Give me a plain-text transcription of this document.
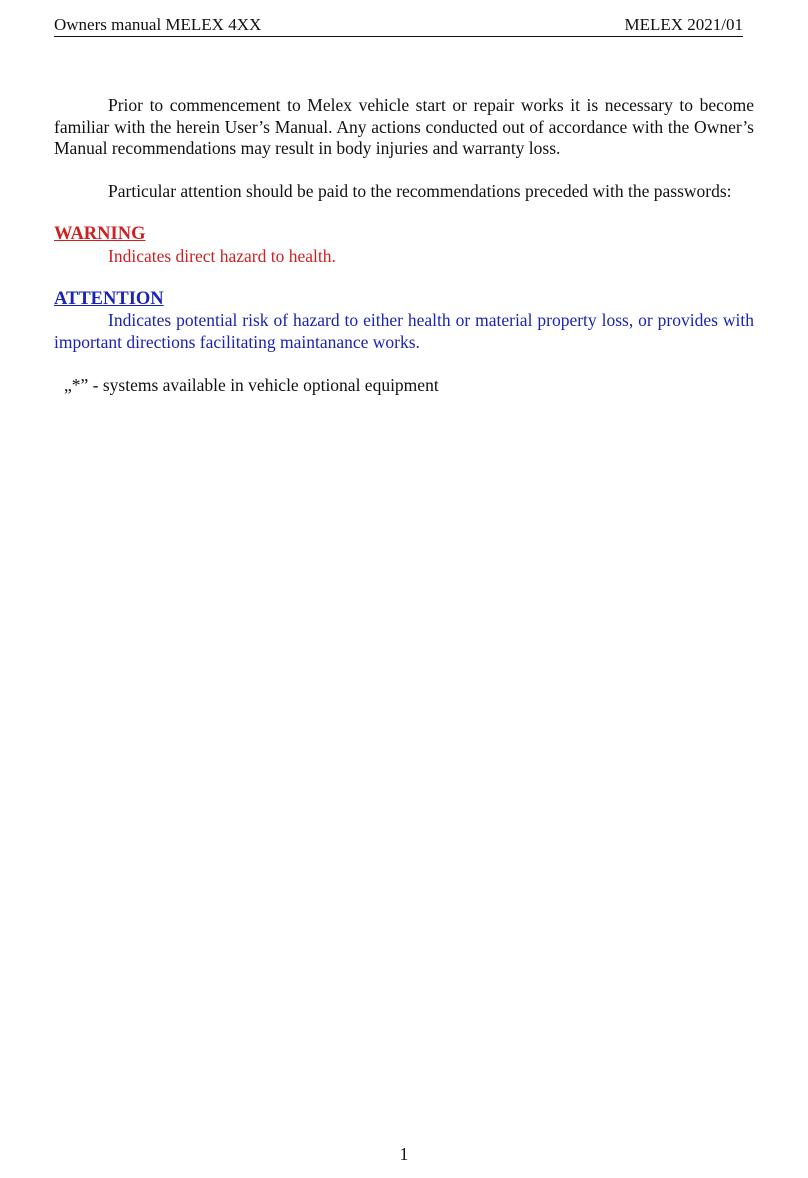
Owners manual MELEX 4XX	MELEX 2021/01

Prior to commencement to Melex vehicle start or repair works it is necessary to become familiar with the herein User’s Manual. Any actions conducted out of accordance with the Owner’s Manual recommendations may result in body injuries and warranty loss.

Particular attention should be paid to the recommendations preceded with the passwords:

WARNING

Indicates direct hazard to health.

ATTENTION

Indicates potential risk of hazard to either health or material property loss, or provides with important directions facilitating maintanance works.

„*” - systems available in vehicle optional equipment

1
